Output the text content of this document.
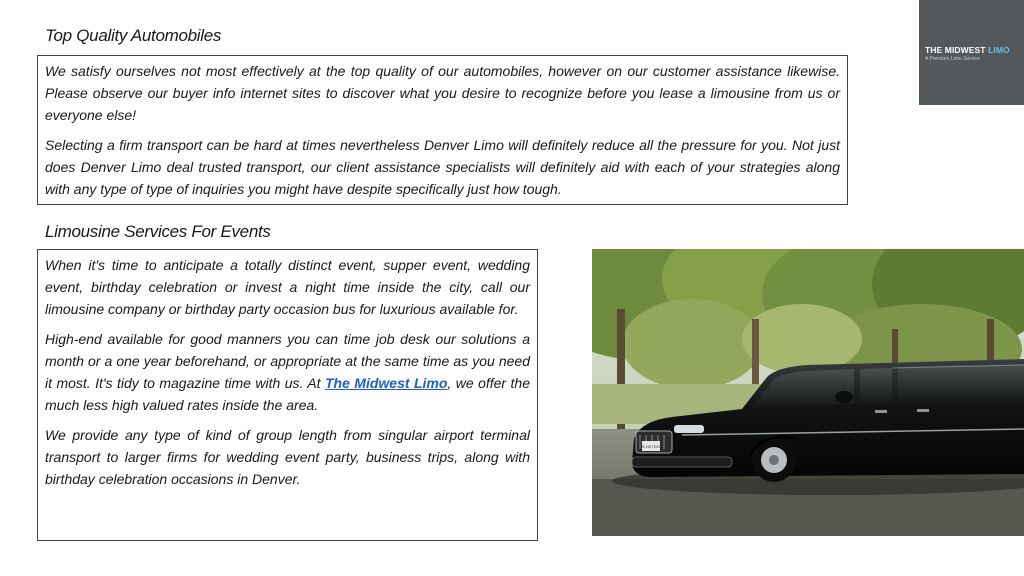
Top Quality Automobiles

We satisfy ourselves not most effectively at the top quality of our automobiles, however on our customer assistance likewise. Please observe our buyer info internet sites to discover what you desire to recognize before you lease a limousine from us or everyone else!

Selecting a firm transport can be hard at times nevertheless Denver Limo will definitely reduce all the pressure for you. Not just does Denver Limo deal trusted transport, our client assistance specialists will definitely aid with each of your strategies along with any type of type of inquiries you might have despite specifically just how tough.

Limousine Services For Events

When it's time to anticipate a totally distinct event, supper event, wedding event, birthday celebration or invest a night time inside the city, call our limousine company or birthday party occasion bus for luxurious available for.

High-end available for good manners you can time job desk our solutions a month or a one year beforehand, or appropriate at the same time as you need it most. It's tidy to magazine time with us. At The Midwest Limo, we offer the much less high valued rates inside the area.

We provide any type of kind of group length from singular airport terminal transport to larger firms for wedding event party, business trips, along with birthday celebration occasions in Denver.

THE MIDWEST LIMO
A Premium Limo Service
5-HETDO
